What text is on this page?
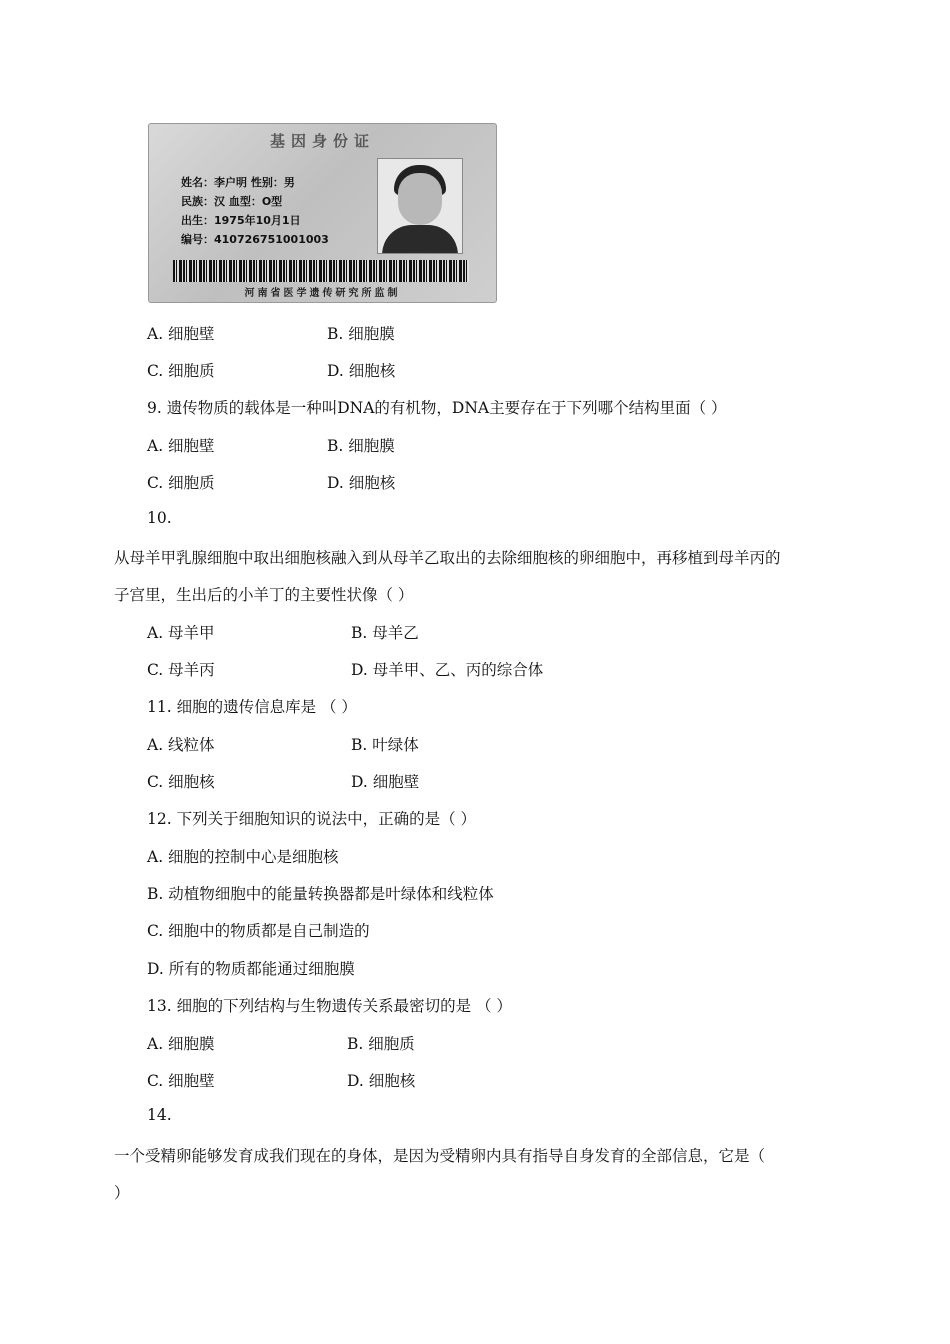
基因身份证
姓名：李户明 性别：男
民族：汉 血型：O型
出生：1975年10月1日
编号：410726751001003
河南省医学遗传研究所监制
A. 细胞壁	B. 细胞膜
C. 细胞质	D. 细胞核
9. 遗传物质的载体是一种叫DNA的有机物，DNA主要存在于下列哪个结构里面（ ）
A. 细胞壁	B. 细胞膜
C. 细胞质	D. 细胞核
10.
从母羊甲乳腺细胞中取出细胞核融入到从母羊乙取出的去除细胞核的卵细胞中，再移植到母羊丙的
子宫里，生出后的小羊丁的主要性状像（ ）
A. 母羊甲	B. 母羊乙
C. 母羊丙	D. 母羊甲、乙、丙的综合体
11. 细胞的遗传信息库是 （ ）
A. 线粒体	B. 叶绿体
C. 细胞核	D. 细胞壁
12. 下列关于细胞知识的说法中，正确的是（ ）
A. 细胞的控制中心是细胞核
B. 动植物细胞中的能量转换器都是叶绿体和线粒体
C. 细胞中的物质都是自己制造的
D. 所有的物质都能通过细胞膜
13. 细胞的下列结构与生物遗传关系最密切的是 （ ）
A. 细胞膜	B. 细胞质
C. 细胞壁	D. 细胞核
14.
一个受精卵能够发育成我们现在的身体，是因为受精卵内具有指导自身发育的全部信息，它是（
）
